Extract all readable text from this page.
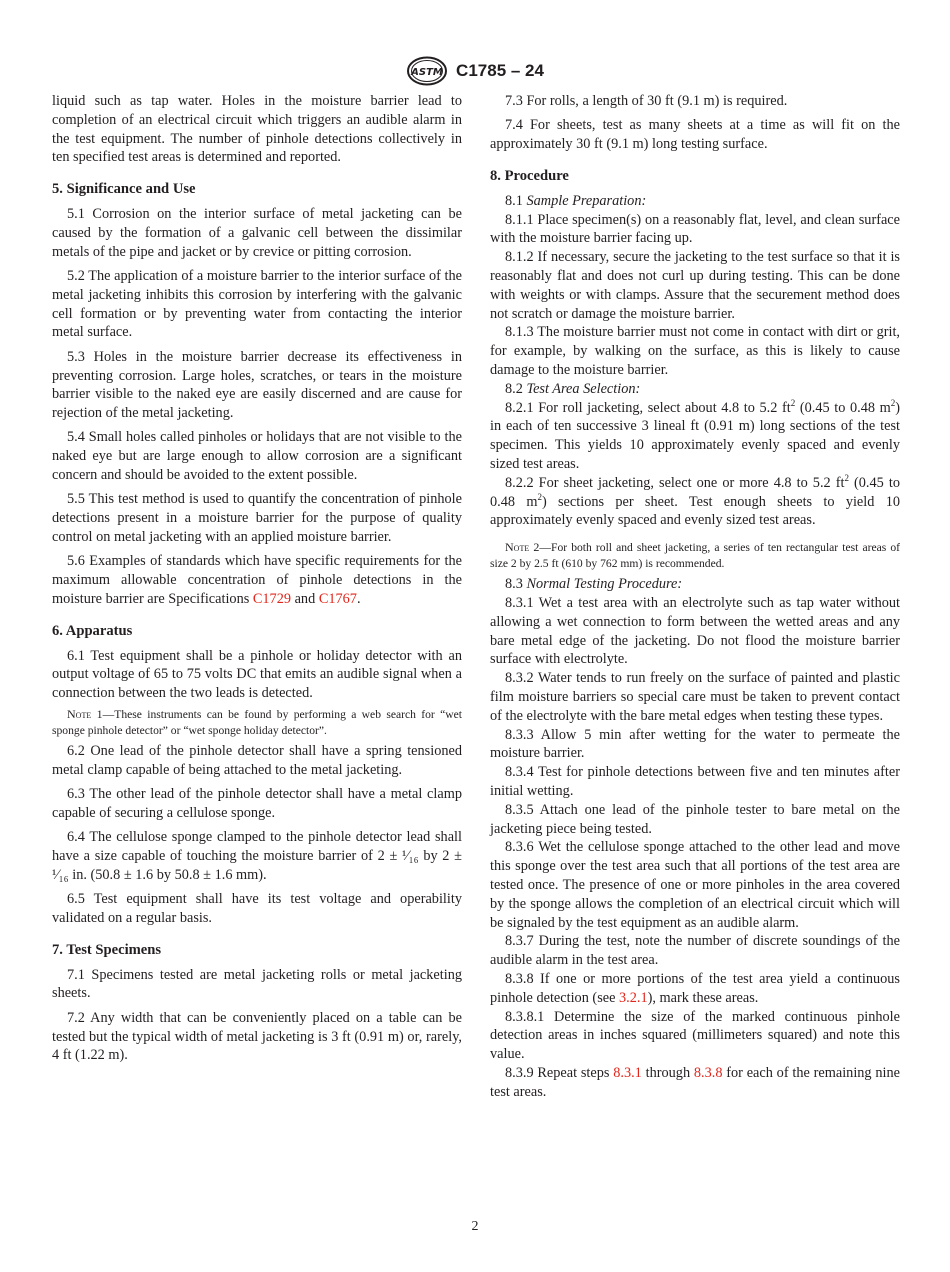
ASTM C1785 – 24

liquid such as tap water. Holes in the moisture barrier lead to completion of an electrical circuit which triggers an audible alarm in the test equipment. The number of pinhole detections collectively in ten specified test areas is determined and reported.

5. Significance and Use

5.1 Corrosion on the interior surface of metal jacketing can be caused by the formation of a galvanic cell between the dissimilar metals of the pipe and jacket or by crevice or pitting corrosion.

5.2 The application of a moisture barrier to the interior surface of the metal jacketing inhibits this corrosion by interfering with the galvanic cell formation or by preventing water from contacting the interior metal surface.

5.3 Holes in the moisture barrier decrease its effectiveness in preventing corrosion. Large holes, scratches, or tears in the moisture barrier visible to the naked eye are easily discerned and are cause for rejection of the metal jacketing.

5.4 Small holes called pinholes or holidays that are not visible to the naked eye but are large enough to allow corrosion are a significant concern and should be avoided to the extent possible.

5.5 This test method is used to quantify the concentration of pinhole detections present in a moisture barrier for the purpose of quality control on metal jacketing with an applied moisture barrier.

5.6 Examples of standards which have specific requirements for the maximum allowable concentration of pinhole detections in the moisture barrier are Specifications C1729 and C1767.

6. Apparatus

6.1 Test equipment shall be a pinhole or holiday detector with an output voltage of 65 to 75 volts DC that emits an audible signal when a connection between the two leads is detected.

Note 1—These instruments can be found by performing a web search for “wet sponge pinhole detector” or “wet sponge holiday detector”.

6.2 One lead of the pinhole detector shall have a spring tensioned metal clamp capable of being attached to the metal jacketing.

6.3 The other lead of the pinhole detector shall have a metal clamp capable of securing a cellulose sponge.

6.4 The cellulose sponge clamped to the pinhole detector lead shall have a size capable of touching the moisture barrier of 2 ± ¹⁄₁₆ by 2 ± ¹⁄₁₆ in. (50.8 ± 1.6 by 50.8 ± 1.6 mm).

6.5 Test equipment shall have its test voltage and operability validated on a regular basis.

7. Test Specimens

7.1 Specimens tested are metal jacketing rolls or metal jacketing sheets.

7.2 Any width that can be conveniently placed on a table can be tested but the typical width of metal jacketing is 3 ft (0.91 m) or, rarely, 4 ft (1.22 m).

7.3 For rolls, a length of 30 ft (9.1 m) is required.

7.4 For sheets, test as many sheets at a time as will fit on the approximately 30 ft (9.1 m) long testing surface.

8. Procedure

8.1 Sample Preparation:

8.1.1 Place specimen(s) on a reasonably flat, level, and clean surface with the moisture barrier facing up.

8.1.2 If necessary, secure the jacketing to the test surface so that it is reasonably flat and does not curl up during testing. This can be done with weights or with clamps. Assure that the securement method does not scratch or damage the moisture barrier.

8.1.3 The moisture barrier must not come in contact with dirt or grit, for example, by walking on the surface, as this is likely to cause damage to the moisture barrier.

8.2 Test Area Selection:

8.2.1 For roll jacketing, select about 4.8 to 5.2 $ft^2$ (0.45 to 0.48 $m^2$) in each of ten successive 3 lineal ft (0.91 m) long sections of the test specimen. This yields 10 approximately evenly spaced and evenly sized test areas.

8.2.2 For sheet jacketing, select one or more 4.8 to 5.2 $ft^2$ (0.45 to 0.48 $m^2$) sections per sheet. Test enough sheets to yield 10 approximately evenly spaced and evenly sized test areas.

Note 2—For both roll and sheet jacketing, a series of ten rectangular test areas of size 2 by 2.5 ft (610 by 762 mm) is recommended.

8.3 Normal Testing Procedure:

8.3.1 Wet a test area with an electrolyte such as tap water without allowing a wet connection to form between the wetted areas and any bare metal edge of the jacketing. Do not flood the moisture barrier surface with electrolyte.

8.3.2 Water tends to run freely on the surface of painted and plastic film moisture barriers so special care must be taken to prevent contact of the electrolyte with the bare metal edges when testing these types.

8.3.3 Allow 5 min after wetting for the water to permeate the moisture barrier.

8.3.4 Test for pinhole detections between five and ten minutes after initial wetting.

8.3.5 Attach one lead of the pinhole tester to bare metal on the jacketing piece being tested.

8.3.6 Wet the cellulose sponge attached to the other lead and move this sponge over the test area such that all portions of the test area are tested once. The presence of one or more pinholes in the area covered by the sponge allows the completion of an electrical circuit which will be signaled by the test equipment as an audible alarm.

8.3.7 During the test, note the number of discrete soundings of the audible alarm in the test area.

8.3.8 If one or more portions of the test area yield a continuous pinhole detection (see 3.2.1), mark these areas.

8.3.8.1 Determine the size of the marked continuous pinhole detection areas in inches squared (millimeters squared) and note this value.

8.3.9 Repeat steps 8.3.1 through 8.3.8 for each of the remaining nine test areas.

2
